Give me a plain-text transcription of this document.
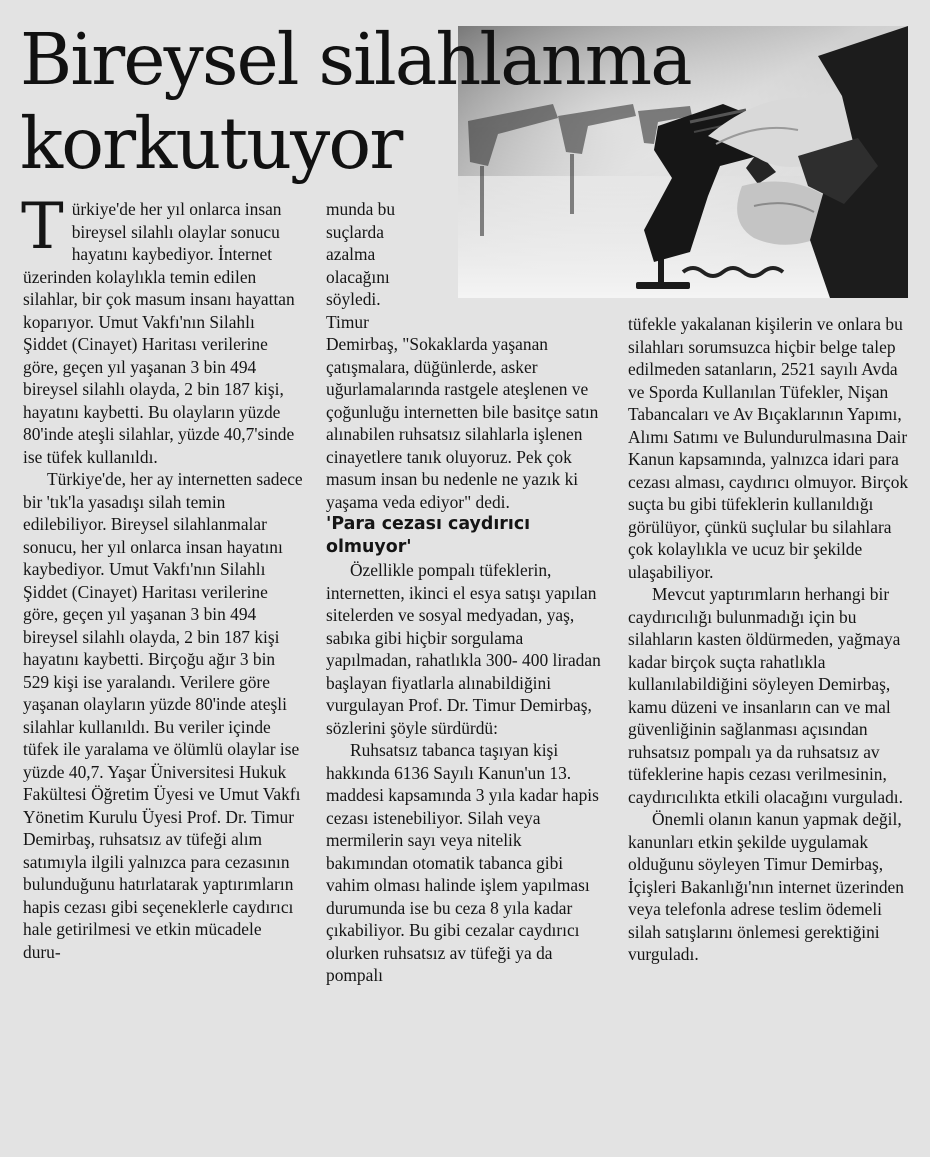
Bireysel silahlanma
korkutuyor

Türkiye'de her yıl onlarca insan bireysel silahlı olaylar sonucu hayatını kaybediyor. İnternet üzerinden kolaylıkla temin edilen silahlar, bir çok masum insanı hayattan koparıyor. Umut Vakfı'nın Silahlı Şiddet (Cinayet) Haritası verilerine göre, geçen yıl yaşanan 3 bin 494 bireysel silahlı olayda, 2 bin 187 kişi, hayatını kaybetti. Bu olayların yüzde 80'inde ateşli silahlar, yüzde 40,7'sinde ise tüfek kullanıldı.

Türkiye'de, her ay internetten sadece bir 'tık'la yasadışı silah temin edilebiliyor. Bireysel silahlanmalar sonucu, her yıl onlarca insan hayatını kaybediyor. Umut Vakfı'nın Silahlı Şiddet (Cinayet) Haritası verilerine göre, geçen yıl yaşanan 3 bin 494 bireysel silahlı olayda, 2 bin 187 kişi hayatını kaybetti. Birçoğu ağır 3 bin 529 kişi ise yaralandı. Verilere göre yaşanan olayların yüzde 80'inde ateşli silahlar kullanıldı. Bu veriler içinde tüfek ile yaralama ve ölümlü olaylar ise yüzde 40,7. Yaşar Üniversitesi Hukuk Fakültesi Öğretim Üyesi ve Umut Vakfı Yönetim Kurulu Üyesi Prof. Dr. Timur Demirbaş, ruhsatsız av tüfeği alım satımıyla ilgili yalnızca para cezasının bulunduğunu hatırlatarak yaptırımların hapis cezası gibi seçeneklerle caydırıcı hale getirilmesi ve etkin mücadele duru-

munda bu suçlarda azalma olacağını söyledi. Timur
Demirbaş, "Sokaklarda yaşanan çatışmalara, düğünlerde, asker uğurlamalarında rastgele ateşlenen ve çoğunluğu internetten bile basitçe satın alınabilen ruhsatsız silahlarla işlenen cinayetlere tanık oluyoruz. Pek çok masum insan bu nedenle ne yazık ki yaşama veda ediyor" dedi.

'Para cezası caydırıcı olmuyor'

Özellikle pompalı tüfeklerin, internetten, ikinci el esya satışı yapılan sitelerden ve sosyal medyadan, yaş, sabıka gibi hiçbir sorgulama yapılmadan, rahatlıkla 300- 400 liradan başlayan fiyatlarla alınabildiğini vurgulayan Prof. Dr. Timur Demirbaş, sözlerini şöyle sürdürdü:

Ruhsatsız tabanca taşıyan kişi hakkında 6136 Sayılı Kanun'un 13. maddesi kapsamında 3 yıla kadar hapis cezası istenebiliyor. Silah veya mermilerin sayı veya nitelik bakımından otomatik tabanca gibi vahim olması halinde işlem yapılması durumunda ise bu ceza 8 yıla kadar çıkabiliyor. Bu gibi cezalar caydırıcı olurken ruhsatsız av tüfeği ya da pompalı

tüfekle yakalanan kişilerin ve onlara bu silahları sorumsuzca hiçbir belge talep edilmeden satanların, 2521 sayılı Avda ve Sporda Kullanılan Tüfekler, Nişan Tabancaları ve Av Bıçaklarının Yapımı, Alımı Satımı ve Bulundurulmasına Dair Kanun kapsamında, yalnızca idari para cezası alması, caydırıcı olmuyor. Birçok suçta bu gibi tüfeklerin kullanıldığı görülüyor, çünkü suçlular bu silahlara çok kolaylıkla ve ucuz bir şekilde ulaşabiliyor.

Mevcut yaptırımların herhangi bir caydırıcılığı bulunmadığı için bu silahların kasten öldürmeden, yağmaya kadar birçok suçta rahatlıkla kullanılabildiğini söyleyen Demirbaş, kamu düzeni ve insanların can ve mal güvenliğinin sağlanması açısından ruhsatsız pompalı ya da ruhsatsız av tüfeklerine hapis cezası verilmesinin, caydırıcılıkta etkili olacağını vurguladı.

Önemli olanın kanun yapmak değil, kanunları etkin şekilde uygulamak olduğunu söyleyen Timur Demirbaş, İçişleri Bakanlığı'nın internet üzerinden veya telefonla adrese teslim ödemeli silah satışlarını önlemesi gerektiğini vurguladı.
